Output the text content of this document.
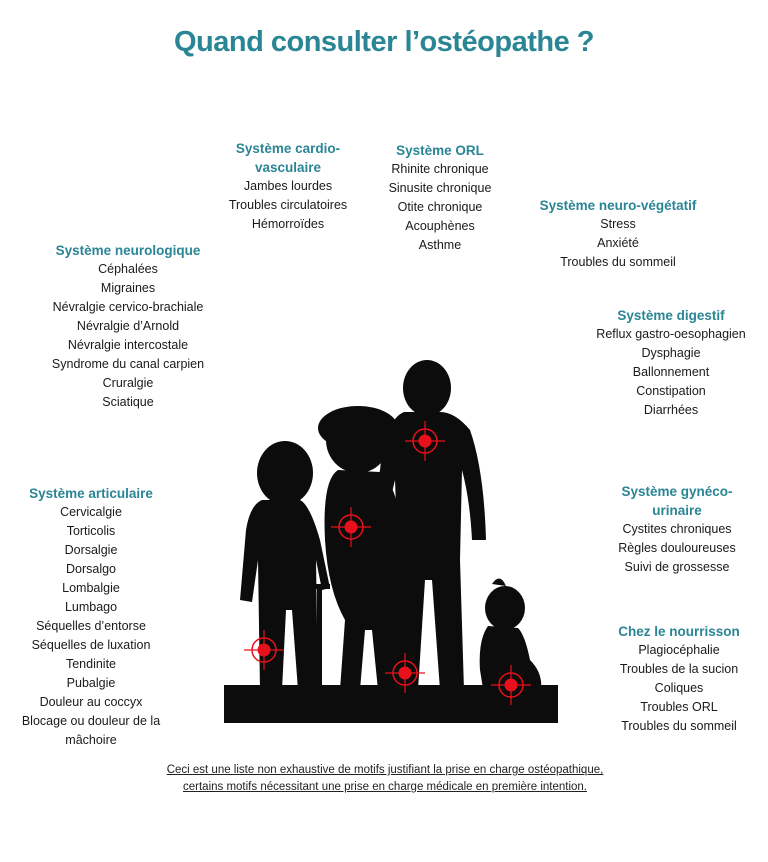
Quand consulter l’ostéopathe ?
Système cardio-
vasculaire
Jambes lourdes
Troubles circulatoires
Hémorroïdes
Système ORL
Rhinite chronique
Sinusite chronique
Otite chronique
Acouphènes
Asthme
Système neuro-végétatif
Stress
Anxiété
Troubles du sommeil
Système neurologique
Céphalées
Migraines
Névralgie cervico-brachiale
Névralgie d’Arnold
Névralgie intercostale
Syndrome du canal carpien
Cruralgie
Sciatique
Système digestif
Reflux gastro-oesophagien
Dysphagie
Ballonnement
Constipation
Diarrhées
Système articulaire
Cervicalgie
Torticolis
Dorsalgie
Dorsalgo
Lombalgie
Lumbago
Séquelles d’entorse
Séquelles de luxation
Tendinite
Pubalgie
Douleur au coccyx
Blocage ou douleur de la mâchoire
Système gynéco-
urinaire
Cystites chroniques
Règles douloureuses
Suivi de grossesse
Chez le nourrisson
Plagiocéphalie
Troubles de la sucion
Coliques
Troubles ORL
Troubles du sommeil
Ceci est une liste non exhaustive de motifs justifiant la prise en charge ostéopathique,
certains motifs nécessitant une prise en charge médicale en première intention.
